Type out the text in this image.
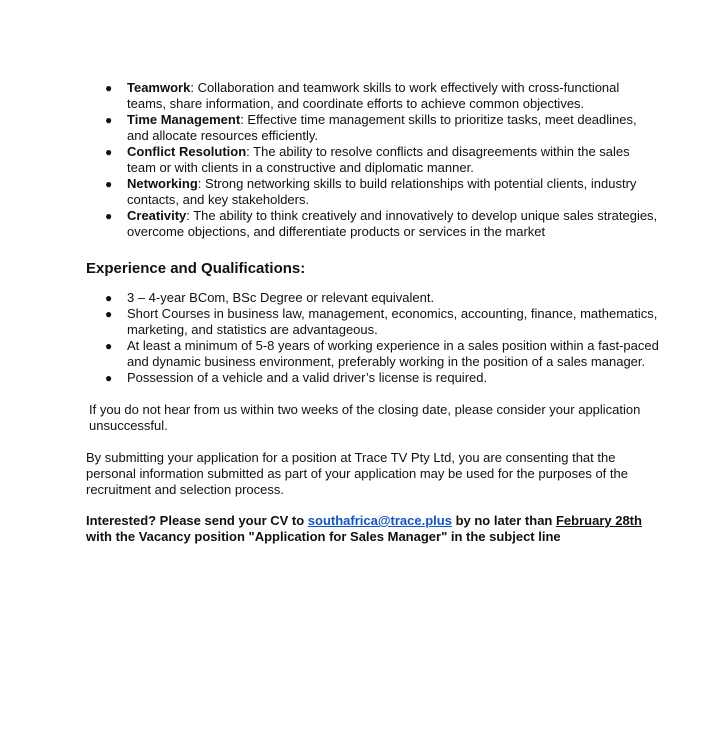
● Teamwork: Collaboration and teamwork skills to work effectively with cross-functional teams, share information, and coordinate efforts to achieve common objectives.
● Time Management: Effective time management skills to prioritize tasks, meet deadlines, and allocate resources efficiently.
● Conflict Resolution: The ability to resolve conflicts and disagreements within the sales team or with clients in a constructive and diplomatic manner.
● Networking: Strong networking skills to build relationships with potential clients, industry contacts, and key stakeholders.
● Creativity: The ability to think creatively and innovatively to develop unique sales strategies, overcome objections, and differentiate products or services in the market
Experience and Qualifications:
● 3 – 4-year BCom, BSc Degree or relevant equivalent.
● Short Courses in business law, management, economics, accounting, finance, mathematics, marketing, and statistics are advantageous.
● At least a minimum of 5-8 years of working experience in a sales position within a fast-paced and dynamic business environment, preferably working in the position of a sales manager.
● Possession of a vehicle and a valid driver’s license is required.
If you do not hear from us within two weeks of the closing date, please consider your application unsuccessful.
By submitting your application for a position at Trace TV Pty Ltd, you are consenting that the personal information submitted as part of your application may be used for the purposes of the recruitment and selection process.
Interested? Please send your CV to southafrica@trace.plus by no later than February 28th with the Vacancy position "Application for Sales Manager" in the subject line
